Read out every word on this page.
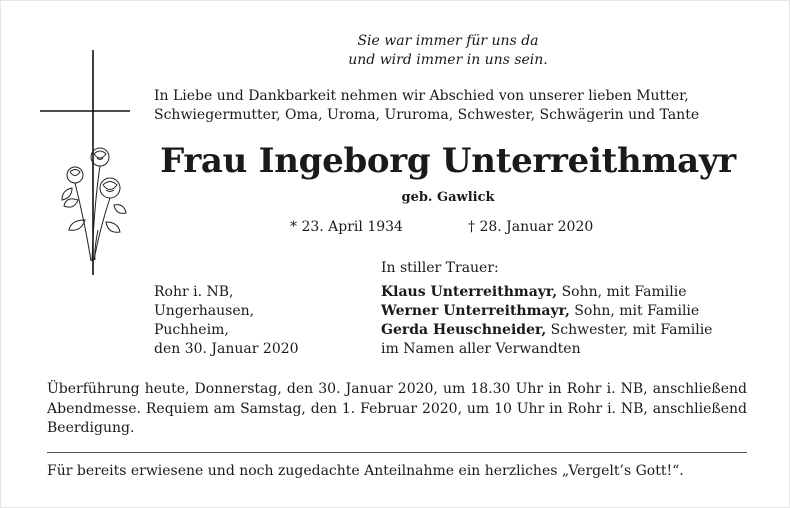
Sie war immer für uns da
und wird immer in uns sein.
In Liebe und Dankbarkeit nehmen wir Abschied von unserer lieben Mutter,
Schwiegermutter, Oma, Uroma, Ururoma, Schwester, Schwägerin und Tante
Frau Ingeborg Unterreithmayr
geb. Gawlick
* 23. April 1934	† 28. Januar 2020
In stiller Trauer:
Rohr i. NB,
Ungerhausen,
Puchheim,
den 30. Januar 2020
Klaus Unterreithmayr, Sohn, mit Familie
Werner Unterreithmayr, Sohn, mit Familie
Gerda Heuschneider, Schwester, mit Familie
im Namen aller Verwandten
Überführung heute, Donnerstag, den 30. Januar 2020, um 18.30 Uhr in Rohr i. NB, anschließend Abendmesse. Requiem am Samstag, den 1. Februar 2020, um 10 Uhr in Rohr i. NB, anschließend Beerdigung.
Für bereits erwiesene und noch zugedachte Anteilnahme ein herzliches „Vergelt’s Gott!“.
